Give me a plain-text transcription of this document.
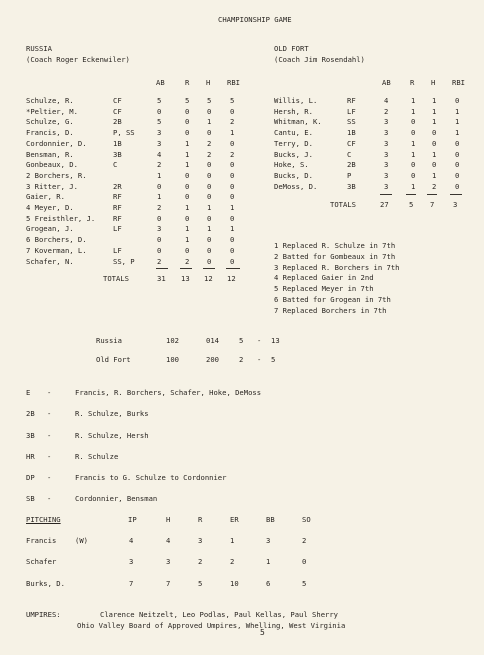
CHAMPIONSHIP GAME
RUSSIA
(Coach Roger Eckenwiler)
OLD FORT
(Coach Jim Rosendahl)
AB	R H RBI	AB	R H RBI
Schulze, R.	CF	5	5 5	5
*Peltier, M.	CF	0	0 0	0
Schulze, G.	2B	5	0 1	2
Francis, D.	P, SS	3	0 0	1
Cordonnier, D.	1B	3	1 2	0
Bensman, R.	3B	4	1 2	2
Gonbeaux, D.	C	2	1 0	0
2 Borchers, R.	1	0 0	0
3 Ritter, J.	2R	0	0 0	0
Gaier, R.	RF	1	0 0	0
4 Meyer, D.	RF	2	1 1	1
5 Freisthler, J. RF	0	0 0	0
Grogean, J.	LF	3	1 1	1
6 Borchers, D.	0	1 0	0
7 Koverman, L.	LF	0	0 0	0
Schafer, N.	SS, P	2	2 0	0
Willis, L.	RF	4	1 1	0
Hersh, R.	LF	2	1 1	1
Whitman, K.	SS	3	0 1	1
Cantu, E.	1B	3	0 0	1
Terry, D.	CF	3	1 0	0
Bucks, J.	C	3	1 1	0
Hoke, S.	2B	3	0 0	0
Bucks, D.	P	3	0 1	0
DeMoss, D.	3B	3	1 2	0
TOTALS	31 13 12 12
TOTALS	27	5 7	3
1 Replaced R. Schulze in 7th
2 Batted for Gombeaux in 7th
3 Replaced R. Borchers in 7th
4 Replaced Gaier in 2nd
5 Replaced Meyer in 7th
6 Batted for Grogean in 7th
7 Replaced Borchers in 7th
Russia	102	014	5 - 13
Old Fort	100	200	2 - 5
E -	Francis, R. Borchers, Schafer, Hoke, DeMoss
2B -	R. Schulze, Burks
3B -	R. Schulze, Hersh
HR -	R. Schulze
DP -	Francis to G. Schulze to Cordonnier
SB -	Cordonnier, Bensman
PITCHING	IP	H	R	ER	BB	SO
Francis	(W)	4	4	3	1	3	2
Schafer	3	3	2	2	1	0
Burks, D.	7	7	5	10	6	5
UMPIRES:	Clarence Neitzelt, Leo Podlas, Paul Kellas, Paul Sherry
Ohio Valley Board of Approved Umpires, Whelling, West Virginia
5
